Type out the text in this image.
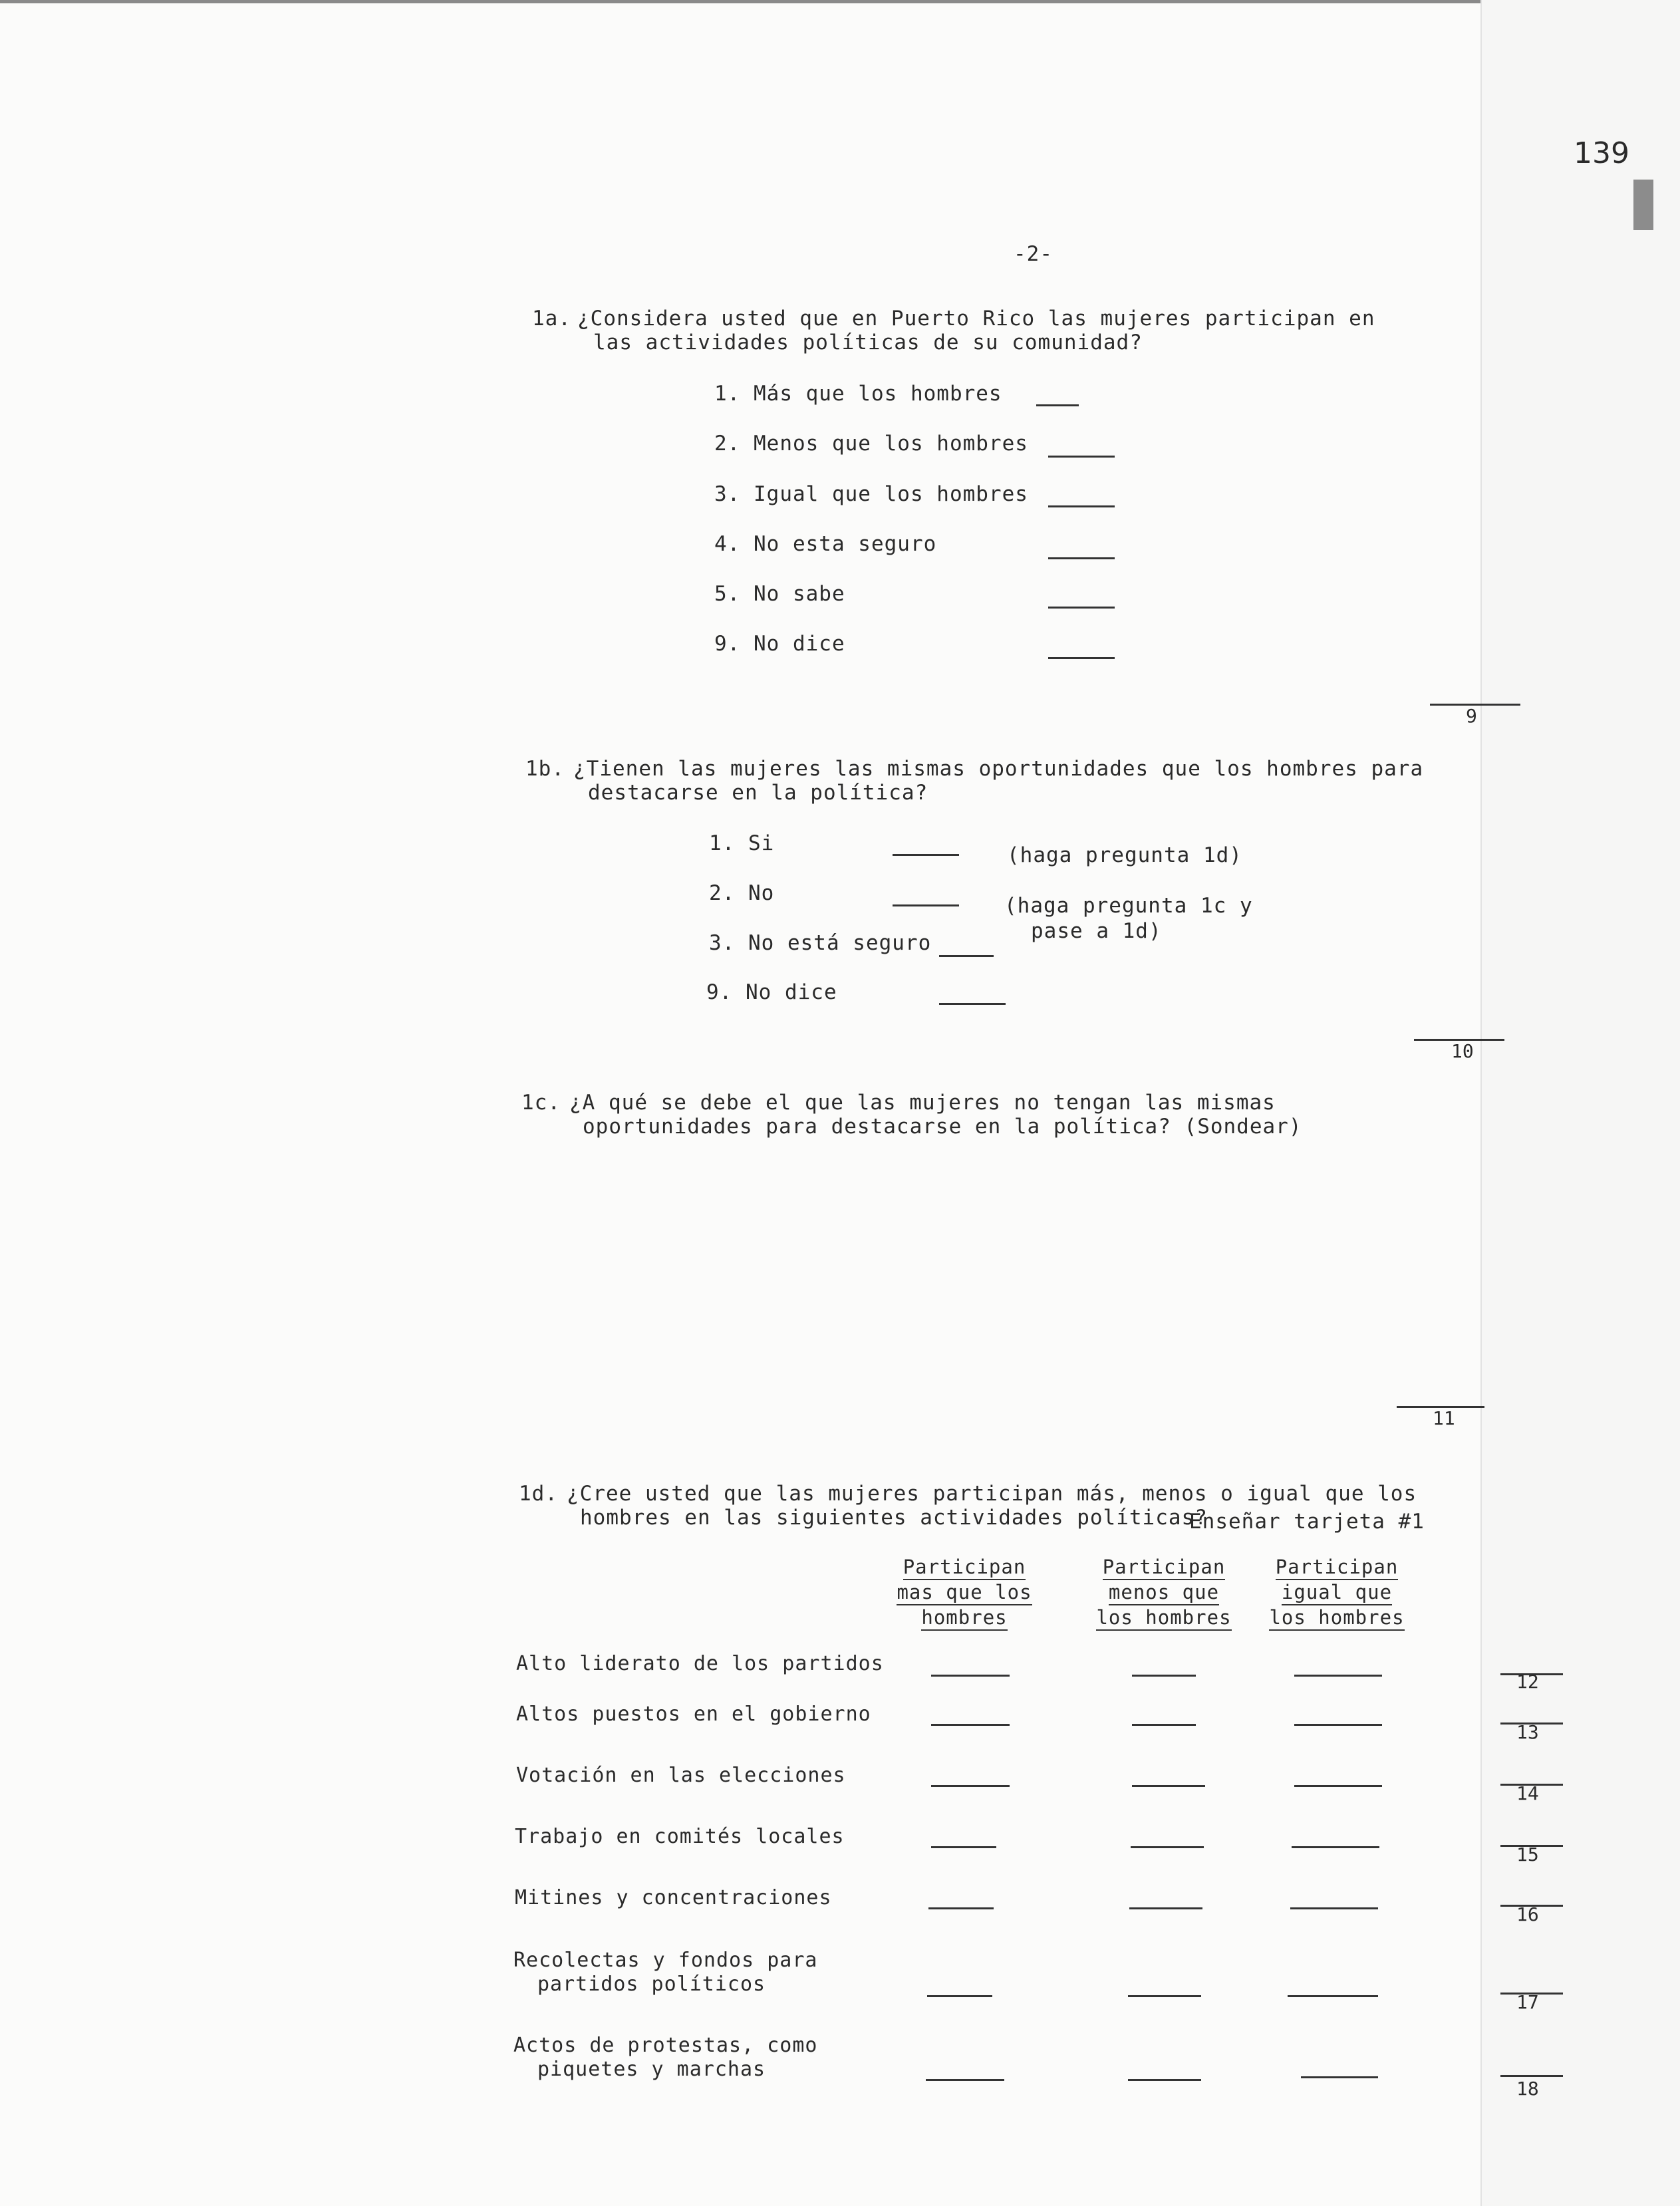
139
-2-
1a. ¿Considera usted que en Puerto Rico las mujeres participan en
las actividades políticas de su comunidad?
1. Más que los hombres
2. Menos que los hombres
3. Igual que los hombres
4. No esta seguro
5. No sabe
9. No dice
9
1b. ¿Tienen las mujeres las mismas oportunidades que los hombres para
destacarse en la política?
1. Si	(haga pregunta 1d)
2. No
(haga pregunta 1c y
pase a 1d)
3. No está seguro
9. No dice
10
1c. ¿A qué se debe el que las mujeres no tengan las mismas
oportunidades para destacarse en la política? (Sondear)
11
1d. ¿Cree usted que las mujeres participan más, menos o igual que los
hombres en las siguientes actividades políticas?
Enseñar tarjeta #1
Participan
mas que los
hombres
Participan
menos que
los hombres
Participan
igual que
los hombres
Alto liderato de los partidos
12
Altos puestos en el gobierno
13
Votación en las elecciones
14
Trabajo en comités locales
15
Mitines y concentraciones
16
Recolectas y fondos para
partidos políticos
17
Actos de protestas, como
piquetes y marchas
18
